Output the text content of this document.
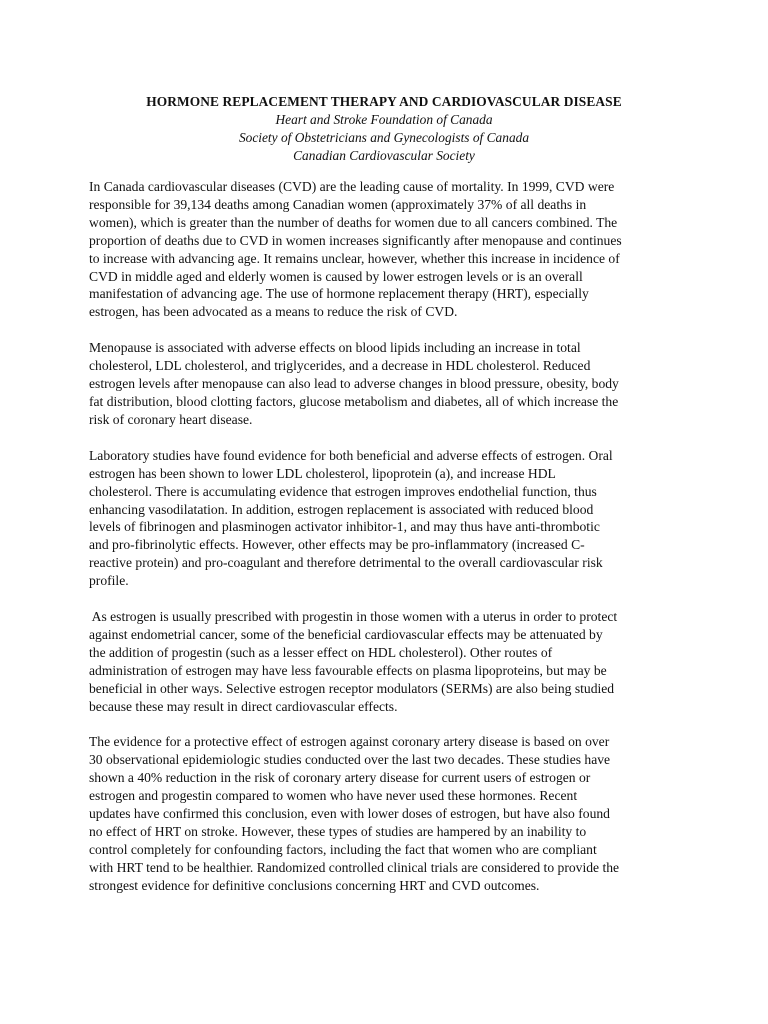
HORMONE REPLACEMENT THERAPY AND CARDIOVASCULAR DISEASE
Heart and Stroke Foundation of Canada
Society of Obstetricians and Gynecologists of Canada
Canadian Cardiovascular Society

In Canada cardiovascular diseases (CVD) are the leading cause of mortality. In 1999, CVD were
responsible for 39,134 deaths among Canadian women (approximately 37% of all deaths in
women), which is greater than the number of deaths for women due to all cancers combined. The
proportion of deaths due to CVD in women increases significantly after menopause and continues
to increase with advancing age. It remains unclear, however, whether this increase in incidence of
CVD in middle aged and elderly women is caused by lower estrogen levels or is an overall
manifestation of advancing age. The use of hormone replacement therapy (HRT), especially
estrogen, has been advocated as a means to reduce the risk of CVD.

Menopause is associated with adverse effects on blood lipids including an increase in total
cholesterol, LDL cholesterol, and triglycerides, and a decrease in HDL cholesterol. Reduced
estrogen levels after menopause can also lead to adverse changes in blood pressure, obesity, body
fat distribution, blood clotting factors, glucose metabolism and diabetes, all of which increase the
risk of coronary heart disease.

Laboratory studies have found evidence for both beneficial and adverse effects of estrogen. Oral
estrogen has been shown to lower LDL cholesterol, lipoprotein (a), and increase HDL
cholesterol. There is accumulating evidence that estrogen improves endothelial function, thus
enhancing vasodilatation. In addition, estrogen replacement is associated with reduced blood
levels of fibrinogen and plasminogen activator inhibitor-1, and may thus have anti-thrombotic
and pro-fibrinolytic effects. However, other effects may be pro-inflammatory (increased C-
reactive protein) and pro-coagulant and therefore detrimental to the overall cardiovascular risk
profile.

As estrogen is usually prescribed with progestin in those women with a uterus in order to protect
against endometrial cancer, some of the beneficial cardiovascular effects may be attenuated by
the addition of progestin (such as a lesser effect on HDL cholesterol). Other routes of
administration of estrogen may have less favourable effects on plasma lipoproteins, but may be
beneficial in other ways. Selective estrogen receptor modulators (SERMs) are also being studied
because these may result in direct cardiovascular effects.

The evidence for a protective effect of estrogen against coronary artery disease is based on over
30 observational epidemiologic studies conducted over the last two decades. These studies have
shown a 40% reduction in the risk of coronary artery disease for current users of estrogen or
estrogen and progestin compared to women who have never used these hormones. Recent
updates have confirmed this conclusion, even with lower doses of estrogen, but have also found
no effect of HRT on stroke. However, these types of studies are hampered by an inability to
control completely for confounding factors, including the fact that women who are compliant
with HRT tend to be healthier. Randomized controlled clinical trials are considered to provide the
strongest evidence for definitive conclusions concerning HRT and CVD outcomes.
